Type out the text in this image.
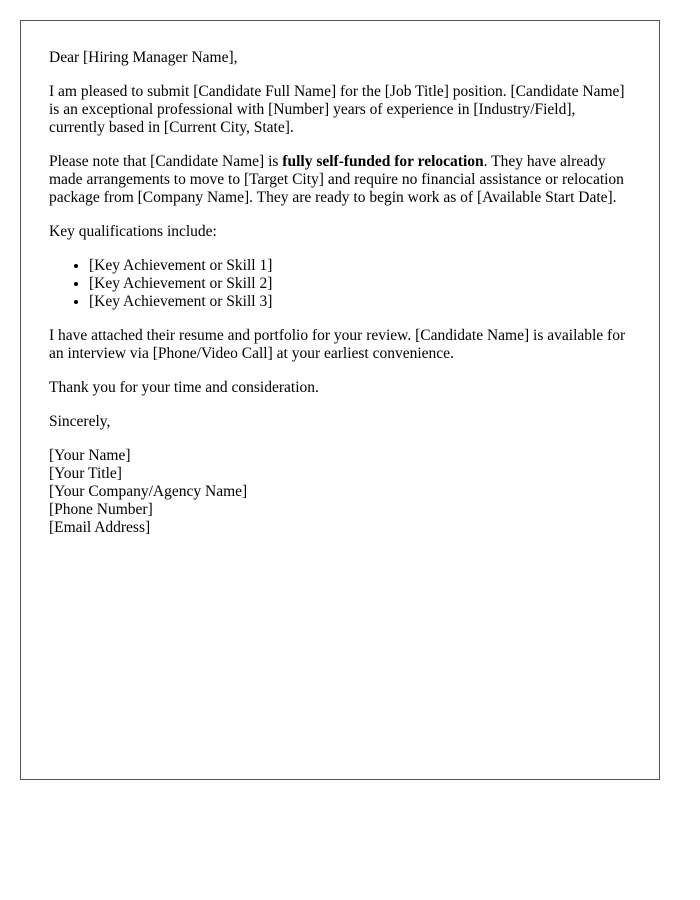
Dear [Hiring Manager Name],

I am pleased to submit [Candidate Full Name] for the [Job Title] position. [Candidate Name] is an exceptional professional with [Number] years of experience in [Industry/Field], currently based in [Current City, State].

Please note that [Candidate Name] is fully self-funded for relocation. They have already made arrangements to move to [Target City] and require no financial assistance or relocation package from [Company Name]. They are ready to begin work as of [Available Start Date].

Key qualifications include:

• [Key Achievement or Skill 1]
• [Key Achievement or Skill 2]
• [Key Achievement or Skill 3]

I have attached their resume and portfolio for your review. [Candidate Name] is available for an interview via [Phone/Video Call] at your earliest convenience.

Thank you for your time and consideration.

Sincerely,

[Your Name]
[Your Title]
[Your Company/Agency Name]
[Phone Number]
[Email Address]
